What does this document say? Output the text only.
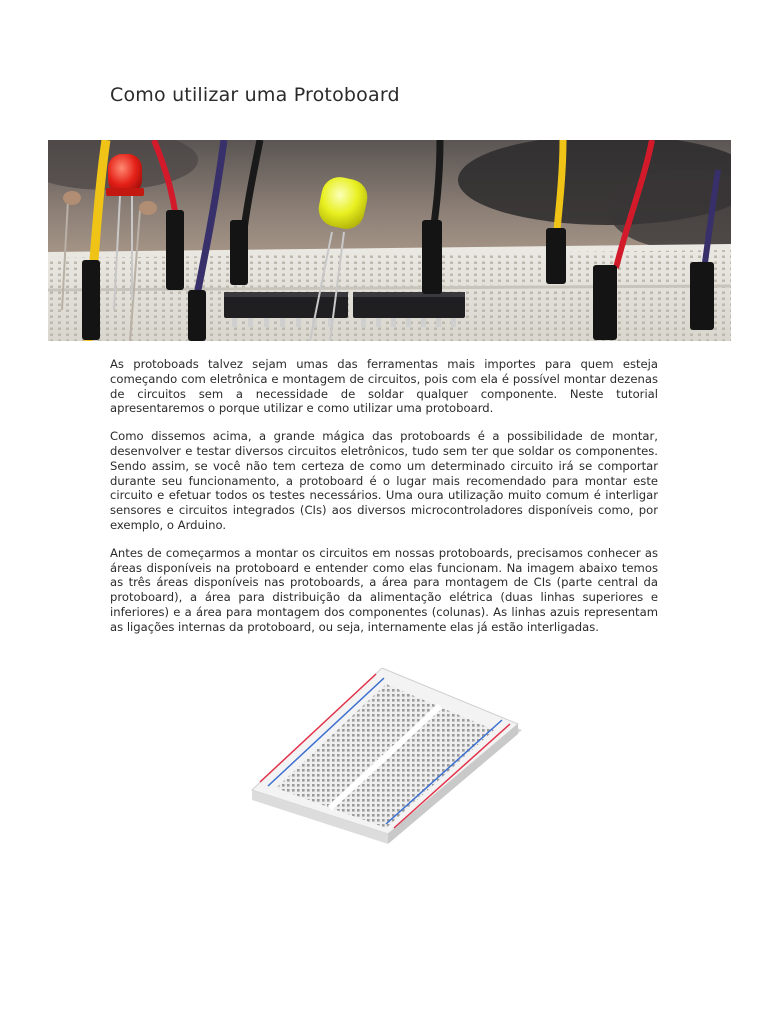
Como utilizar uma Protoboard

As protoboads talvez sejam umas das ferramentas mais importes para quem esteja começando com eletrônica e montagem de circuitos, pois com ela é possível montar dezenas de circuitos sem a necessidade de soldar qualquer componente. Neste tutorial apresentaremos o porque utilizar e como utilizar uma protoboard.

Como dissemos acima, a grande mágica das protoboards é a possibilidade de montar, desenvolver e testar diversos circuitos eletrônicos, tudo sem ter que soldar os componentes. Sendo assim, se você não tem certeza de como um determinado circuito irá se comportar durante seu funcionamento, a protoboard é o lugar mais recomendado para montar este circuito e efetuar todos os testes necessários. Uma oura utilização muito comum é interligar sensores e circuitos integrados (CIs) aos diversos microcontroladores disponíveis como, por exemplo, o Arduino.

Antes de começarmos a montar os circuitos em nossas protoboards, precisamos conhecer as áreas disponíveis na protoboard e entender como elas funcionam. Na imagem abaixo temos as três áreas disponíveis nas protoboards, a área para montagem de CIs (parte central da protoboard), a área para distribuição da alimentação elétrica (duas linhas superiores e inferiores) e a área para montagem dos componentes (colunas). As linhas azuis representam as ligações internas da protoboard, ou seja, internamente elas já estão interligadas.
